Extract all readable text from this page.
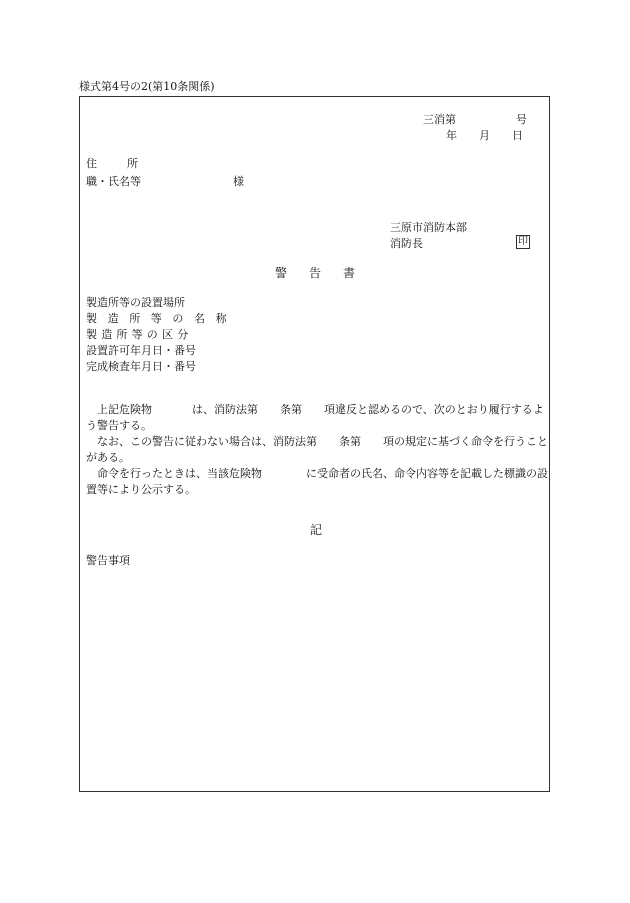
様式第4号の2(第10条関係)
三消第	号
年 月 日
住	所
職・氏名等	様
三原市消防本部
消防長	印
警 告 書
製造所等の設置場所
製造所等の名称
製造所等の区分
設置許可年月日・番号
完成検査年月日・番号
上記危険物	は、消防法第 条第 項違反と認めるので、次のとおり履行するよう警告する。
なお、この警告に従わない場合は、消防法第 条第 項の規定に基づく命令を行うことがある。
命令を行ったときは、当該危険物	に受命者の氏名、命令内容等を記載した標識の設置等により公示する。
記
警告事項
